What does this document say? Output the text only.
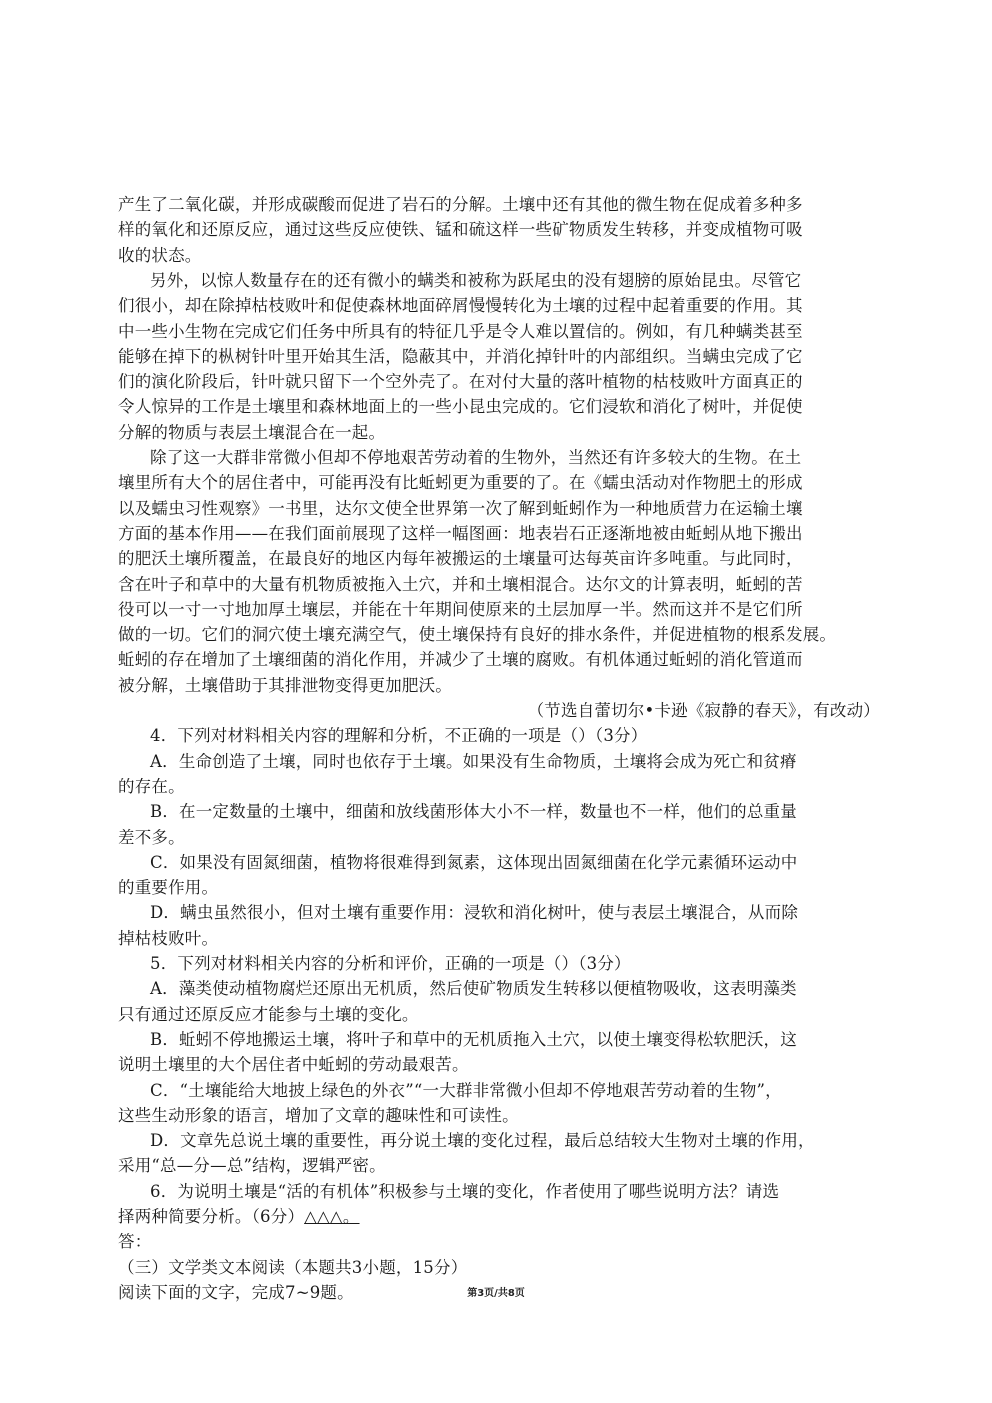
产生了二氧化碳，并形成碳酸而促进了岩石的分解。土壤中还有其他的微生物在促成着多种多
样的氧化和还原反应，通过这些反应使铁、锰和硫这样一些矿物质发生转移，并变成植物可吸
收的状态。
另外，以惊人数量存在的还有微小的螨类和被称为跃尾虫的没有翅膀的原始昆虫。尽管它
们很小，却在除掉枯枝败叶和促使森林地面碎屑慢慢转化为土壤的过程中起着重要的作用。其
中一些小生物在完成它们任务中所具有的特征几乎是令人难以置信的。例如，有几种螨类甚至
能够在掉下的枞树针叶里开始其生活，隐蔽其中，并消化掉针叶的内部组织。当螨虫完成了它
们的演化阶段后，针叶就只留下一个空外壳了。在对付大量的落叶植物的枯枝败叶方面真正的
令人惊异的工作是土壤里和森林地面上的一些小昆虫完成的。它们浸软和消化了树叶，并促使
分解的物质与表层土壤混合在一起。
除了这一大群非常微小但却不停地艰苦劳动着的生物外，当然还有许多较大的生物。在土
壤里所有大个的居住者中，可能再没有比蚯蚓更为重要的了。在《蠕虫活动对作物肥土的形成
以及蠕虫习性观察》一书里，达尔文使全世界第一次了解到蚯蚓作为一种地质营力在运输土壤
方面的基本作用——在我们面前展现了这样一幅图画：地表岩石正逐渐地被由蚯蚓从地下搬出
的肥沃土壤所覆盖，在最良好的地区内每年被搬运的土壤量可达每英亩许多吨重。与此同时，
含在叶子和草中的大量有机物质被拖入土穴，并和土壤相混合。达尔文的计算表明，蚯蚓的苦
役可以一寸一寸地加厚土壤层，并能在十年期间使原来的土层加厚一半。然而这并不是它们所
做的一切。它们的洞穴使土壤充满空气，使土壤保持有良好的排水条件，并促进植物的根系发展。
蚯蚓的存在增加了土壤细菌的消化作用，并减少了土壤的腐败。有机体通过蚯蚓的消化管道而
被分解，土壤借助于其排泄物变得更加肥沃。
（节选自蕾切尔•卡逊《寂静的春天》，有改动）
4．下列对材料相关内容的理解和分析，不正确的一项是（）（3分）
A．生命创造了土壤，同时也依存于土壤。如果没有生命物质，土壤将会成为死亡和贫瘠
的存在。
B．在一定数量的土壤中，细菌和放线菌形体大小不一样，数量也不一样，他们的总重量
差不多。
C．如果没有固氮细菌，植物将很难得到氮素，这体现出固氮细菌在化学元素循环运动中
的重要作用。
D．螨虫虽然很小，但对土壤有重要作用：浸软和消化树叶，使与表层土壤混合，从而除
掉枯枝败叶。
5．下列对材料相关内容的分析和评价，正确的一项是（）（3分）
A．藻类使动植物腐烂还原出无机质，然后使矿物质发生转移以便植物吸收，这表明藻类
只有通过还原反应才能参与土壤的变化。
B．蚯蚓不停地搬运土壤，将叶子和草中的无机质拖入土穴，以使土壤变得松软肥沃，这
说明土壤里的大个居住者中蚯蚓的劳动最艰苦。
C．“土壤能给大地披上绿色的外衣”“一大群非常微小但却不停地艰苦劳动着的生物”，
这些生动形象的语言，增加了文章的趣味性和可读性。
D．文章先总说土壤的重要性，再分说土壤的变化过程，最后总结较大生物对土壤的作用，
采用“总—分—总”结构，逻辑严密。
6．为说明土壤是“活的有机体”积极参与土壤的变化，作者使用了哪些说明方法？请选
择两种简要分析。（6分）△△△。
答：
（三）文学类文本阅读（本题共3小题，15分）
阅读下面的文字，完成7~9题。	第3页/共8页
